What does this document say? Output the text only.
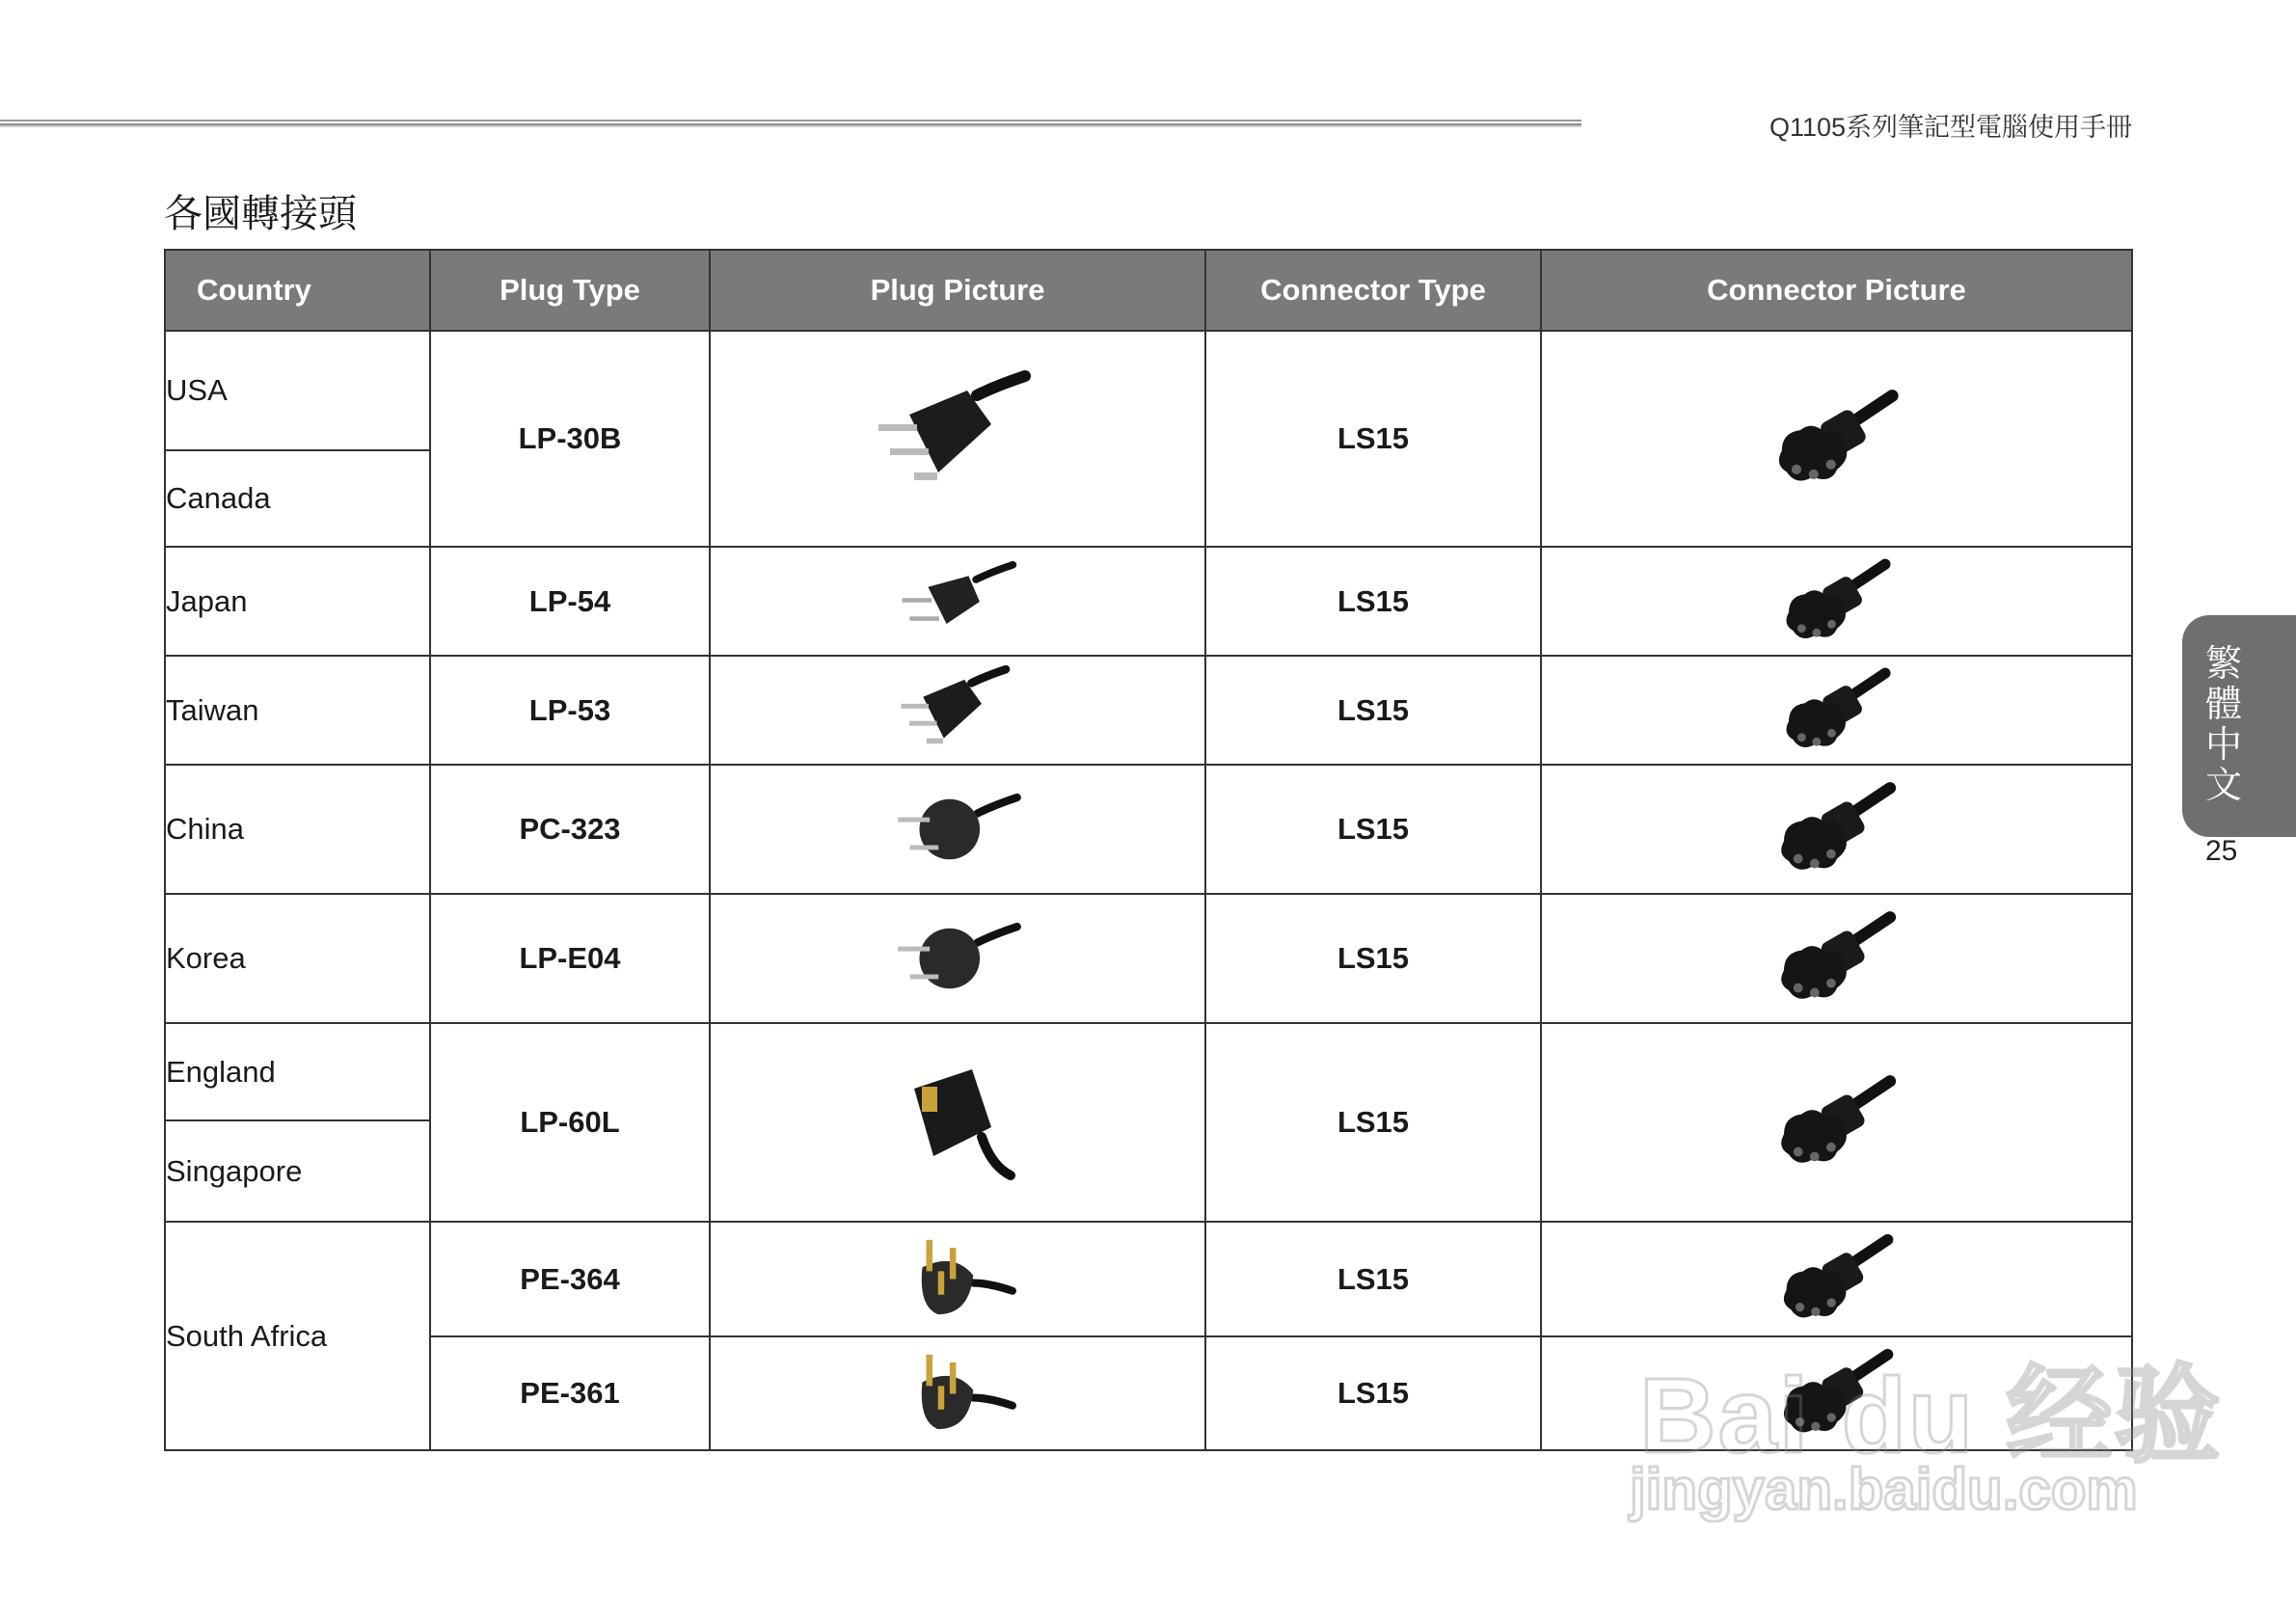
Q1105系列筆記型電腦使用手冊
各國轉接頭
Country	Plug Type	Plug Picture	Connector Type	Connector Picture
USA	LP-30B		LS15	
Canada				
Japan	LP-54		LS15	
Taiwan	LP-53		LS15	
China	PC-323		LS15	
Korea	LP-E04		LS15	
England	LP-60L		LS15	
Singapore				
South Africa	PE-364		LS15	
	PE-361		LS15	
繁體中文
25
Bai du 经验
jingyan.baidu.com
